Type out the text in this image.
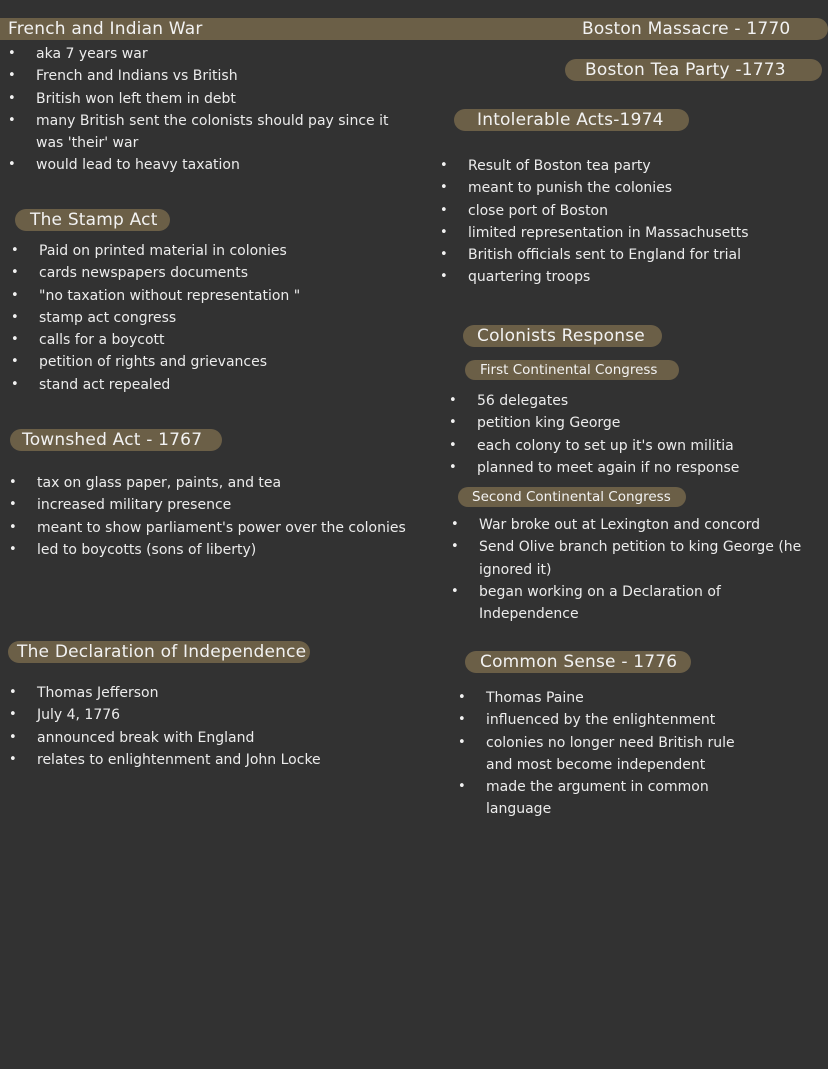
French and Indian War	Boston Massacre - 1770
• aka 7 years war
• French and Indians vs British
• British won left them in debt
• many British sent the colonists should pay since it was 'their' war
• would lead to heavy taxation
Boston Tea Party -1773
Intolerable Acts-1974
• Result of Boston tea party
• meant to punish the colonies
• close port of Boston
• limited representation in Massachusetts
• British officials sent to England for trial
• quartering troops
The Stamp Act
• Paid on printed material in colonies
• cards newspapers documents
• "no taxation without representation "
• stamp act congress
• calls for a boycott
• petition of rights and grievances
• stand act repealed
Colonists Response
First Continental Congress
• 56 delegates
• petition king George
• each colony to set up it's own militia
• planned to meet again if no response
Second Continental Congress
• War broke out at Lexington and concord
• Send Olive branch petition to king George (he ignored it)
• began working on a Declaration of Independence
Townshed Act - 1767
• tax on glass paper, paints, and tea
• increased military presence
• meant to show parliament's power over the colonies
• led to boycotts (sons of liberty)
The Declaration of Independence
• Thomas Jefferson
• July 4, 1776
• announced break with England
• relates to enlightenment and John Locke
Common Sense - 1776
• Thomas Paine
• influenced by the enlightenment
• colonies no longer need British rule and most become independent
• made the argument in common language
